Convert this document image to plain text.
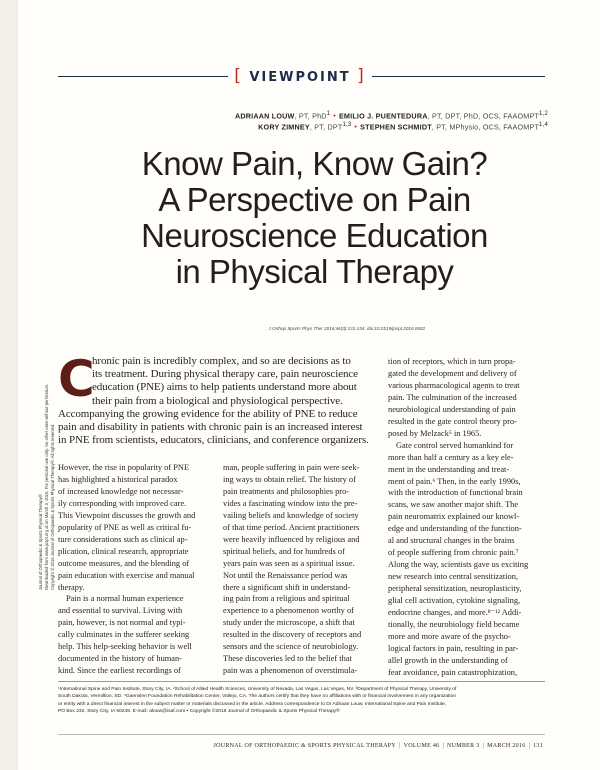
Journal of Orthopaedic & Sports Physical Therapy® Downloaded from www.jospt.org at on March 3, 2016. For personal use only. No other uses without permission. Copyright © 2016 Journal of Orthopaedic & Sports Physical Therapy®. All rights reserved.
[ VIEWPOINT ]
ADRIAAN LOUW, PT, PhD$^1$ • EMILIO J. PUENTEDURA, PT, DPT, PhD, OCS, FAAOMPT$^{1,2}$
KORY ZIMNEY, PT, DPT$^{1,3}$ • STEPHEN SCHMIDT, PT, MPhysio, OCS, FAAOMPT$^{1,4}$
Know Pain, Know Gain?
A Perspective on Pain
Neuroscience Education
in Physical Therapy
J Orthop Sports Phys Ther 2016;46(3):131-134. doi:10.2519/jospt.2016.0602
C
hronic pain is incredibly complex, and so are decisions as to
its treatment. During physical therapy care, pain neuroscience
education (PNE) aims to help patients understand more about
their pain from a biological and physiological perspective.
Accompanying the growing evidence for the ability of PNE to reduce
pain and disability in patients with chronic pain is an increased interest
in PNE from scientists, educators, clinicians, and conference organizers.
However, the rise in popularity of PNE
has highlighted a historical paradox
of increased knowledge not necessar-
ily corresponding with improved care.
This Viewpoint discusses the growth and
popularity of PNE as well as critical fu-
ture considerations such as clinical ap-
plication, clinical research, appropriate
outcome measures, and the blending of
pain education with exercise and manual
therapy.
Pain is a normal human experience
and essential to survival. Living with
pain, however, is not normal and typi-
cally culminates in the sufferer seeking
help. This help-seeking behavior is well
documented in the history of human-
kind. Since the earliest recordings of
man, people suffering in pain were seek-
ing ways to obtain relief. The history of
pain treatments and philosophies pro-
vides a fascinating window into the pre-
vailing beliefs and knowledge of society
of that time period. Ancient practitioners
were heavily influenced by religious and
spiritual beliefs, and for hundreds of
years pain was seen as a spiritual issue.
Not until the Renaissance period was
there a significant shift in understand-
ing pain from a religious and spiritual
experience to a phenomenon worthy of
study under the microscope, a shift that
resulted in the discovery of receptors and
sensors and the science of neurobiology.
These discoveries led to the belief that
pain was a phenomenon of overstimula-
tion of receptors, which in turn propa-
gated the development and delivery of
various pharmacological agents to treat
pain. The culmination of the increased
neurobiological understanding of pain
resulted in the gate control theory pro-
posed by Melzack⁵ in 1965.
Gate control served humankind for
more than half a century as a key ele-
ment in the understanding and treat-
ment of pain.⁶ Then, in the early 1990s,
with the introduction of functional brain
scans, we saw another major shift. The
pain neuromatrix explained our knowl-
edge and understanding of the function-
al and structural changes in the brains
of people suffering from chronic pain.⁷
Along the way, scientists gave us exciting
new research into central sensitization,
peripheral sensitization, neuroplasticity,
glial cell activation, cytokine signaling,
endocrine changes, and more.⁸⁻¹² Addi-
tionally, the neurobiology field became
more and more aware of the psycho-
logical factors in pain, resulting in par-
allel growth in the understanding of
fear avoidance, pain catastrophization,
¹International Spine and Pain Institute, Story City, IA. ²School of Allied Health Sciences, University of Nevada, Las Vegas, Las Vegas, NV. ³Department of Physical Therapy, University of
South Dakota, Vermillion, SD. ⁴Gaenslen Foundation Rehabilitation Center, Vallejo, CA. The authors certify that they have no affiliations with or financial involvement in any organization
or entity with a direct financial interest in the subject matter or materials discussed in the article. Address correspondence to Dr Adriaan Louw, International Spine and Pain Institute,
PO Box 232, Story City, IA 50248. E-mail: alouw@isaf.com • Copyright ©2016 Journal of Orthopaedic & Sports Physical Therapy®
JOURNAL OF ORTHOPAEDIC & SPORTS PHYSICAL THERAPY | VOLUME 46 | NUMBER 3 | MARCH 2016 | 131
